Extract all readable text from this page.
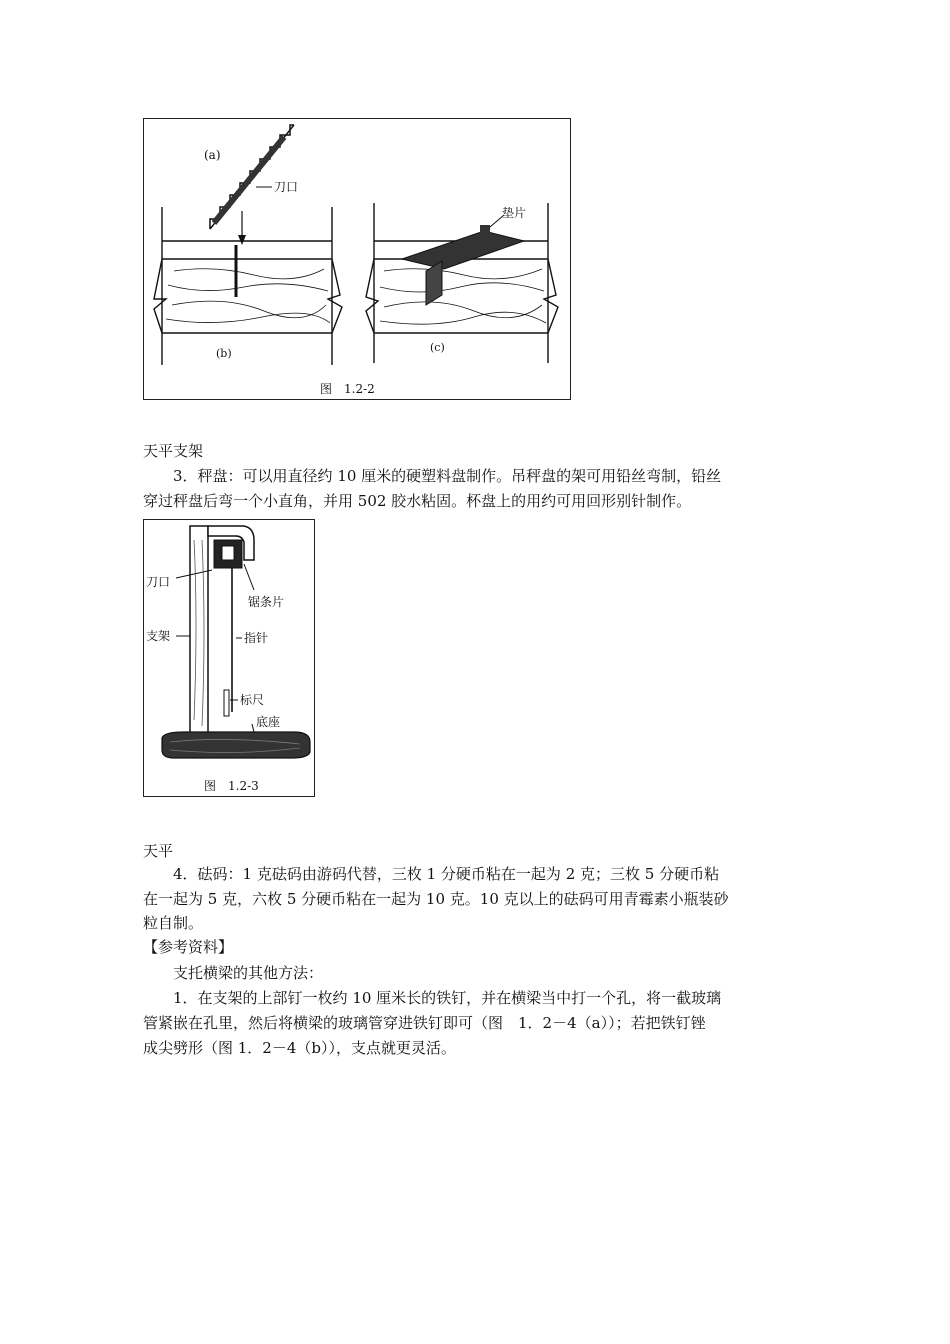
(a)
刀口
(b)
垫片
(c)
图　1.2-2
天平支架
3．秤盘：可以用直径约 10 厘米的硬塑料盘制作。吊秤盘的架可用铅丝弯制，铅丝
穿过秤盘后弯一个小直角，并用 502 胶水粘固。杯盘上的用约可用回形别针制作。
刀口
锯条片
支架	指针
标尺
底座
图　1.2-3
天平
4．砝码：1 克砝码由游码代替，三枚 1 分硬币粘在一起为 2 克；三枚 5 分硬币粘
在一起为 5 克，六枚 5 分硬币粘在一起为 10 克。10 克以上的砝码可用青霉素小瓶装砂
粒自制。
【参考资料】
支托横梁的其他方法：
1．在支架的上部钉一枚约 10 厘米长的铁钉，并在横梁当中打一个孔，将一截玻璃
管紧嵌在孔里，然后将横梁的玻璃管穿进铁钉即可（图　1．2－4（a））；若把铁钉锉
成尖劈形（图 1．2－4（b）），支点就更灵活。
